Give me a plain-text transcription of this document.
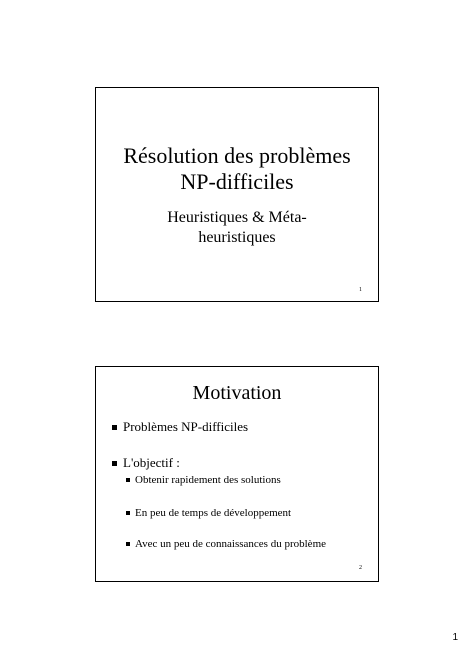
Résolution des problèmes
NP-difficiles
Heuristiques & Méta-
heuristiques
1
Motivation
Problèmes NP-difficiles
L'objectif :
Obtenir rapidement des solutions
En peu de temps de développement
Avec un peu de connaissances du problème
2
1
